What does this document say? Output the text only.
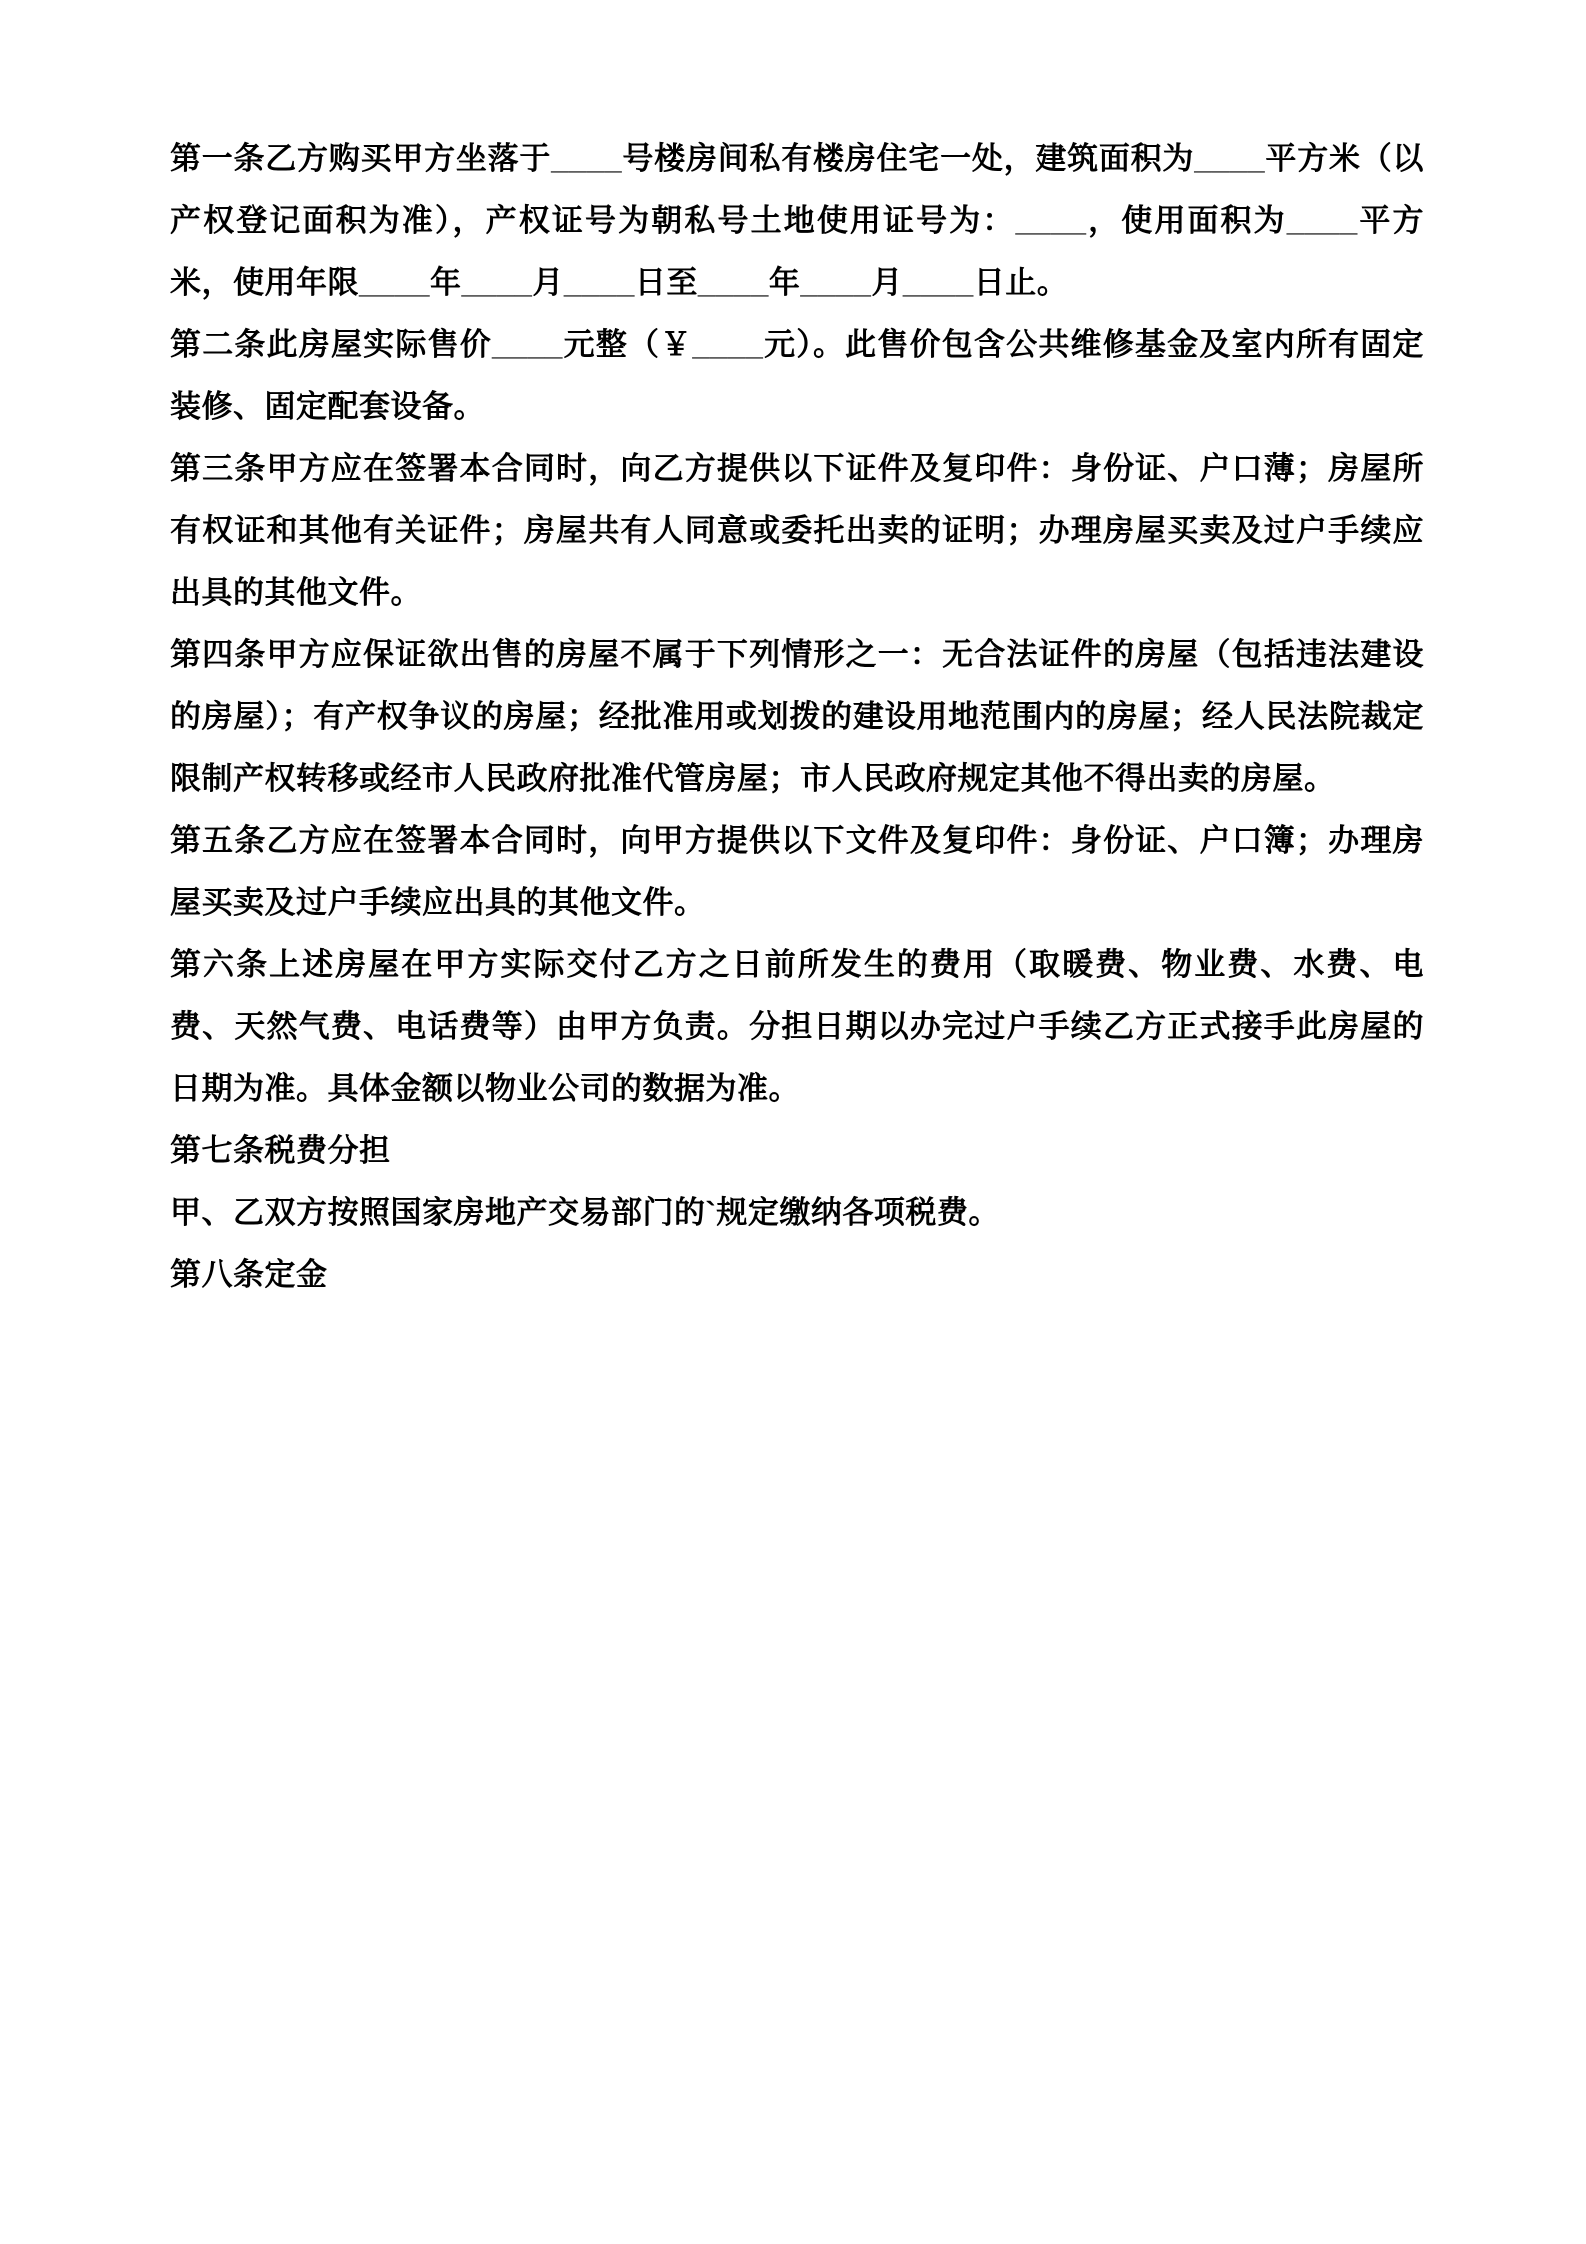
第一条乙方购买甲方坐落于____号楼房间私有楼房住宅一处，建筑面积为____平方米（以产权登记面积为准），产权证号为朝私号土地使用证号为：____，使用面积为____平方米，使用年限____年____月____日至____年____月____日止。

第二条此房屋实际售价____元整（￥____元）。此售价包含公共维修基金及室内所有固定装修、固定配套设备。

第三条甲方应在签署本合同时，向乙方提供以下证件及复印件：身份证、户口薄；房屋所有权证和其他有关证件；房屋共有人同意或委托出卖的证明；办理房屋买卖及过户手续应出具的其他文件。

第四条甲方应保证欲出售的房屋不属于下列情形之一：无合法证件的房屋（包括违法建设的房屋）；有产权争议的房屋；经批准用或划拨的建设用地范围内的房屋；经人民法院裁定限制产权转移或经市人民政府批准代管房屋；市人民政府规定其他不得出卖的房屋。

第五条乙方应在签署本合同时，向甲方提供以下文件及复印件：身份证、户口簿；办理房屋买卖及过户手续应出具的其他文件。

第六条上述房屋在甲方实际交付乙方之日前所发生的费用（取暖费、物业费、水费、电费、天然气费、电话费等）由甲方负责。分担日期以办完过户手续乙方正式接手此房屋的日期为准。具体金额以物业公司的数据为准。

第七条税费分担

甲、乙双方按照国家房地产交易部门的`规定缴纳各项税费。

第八条定金
